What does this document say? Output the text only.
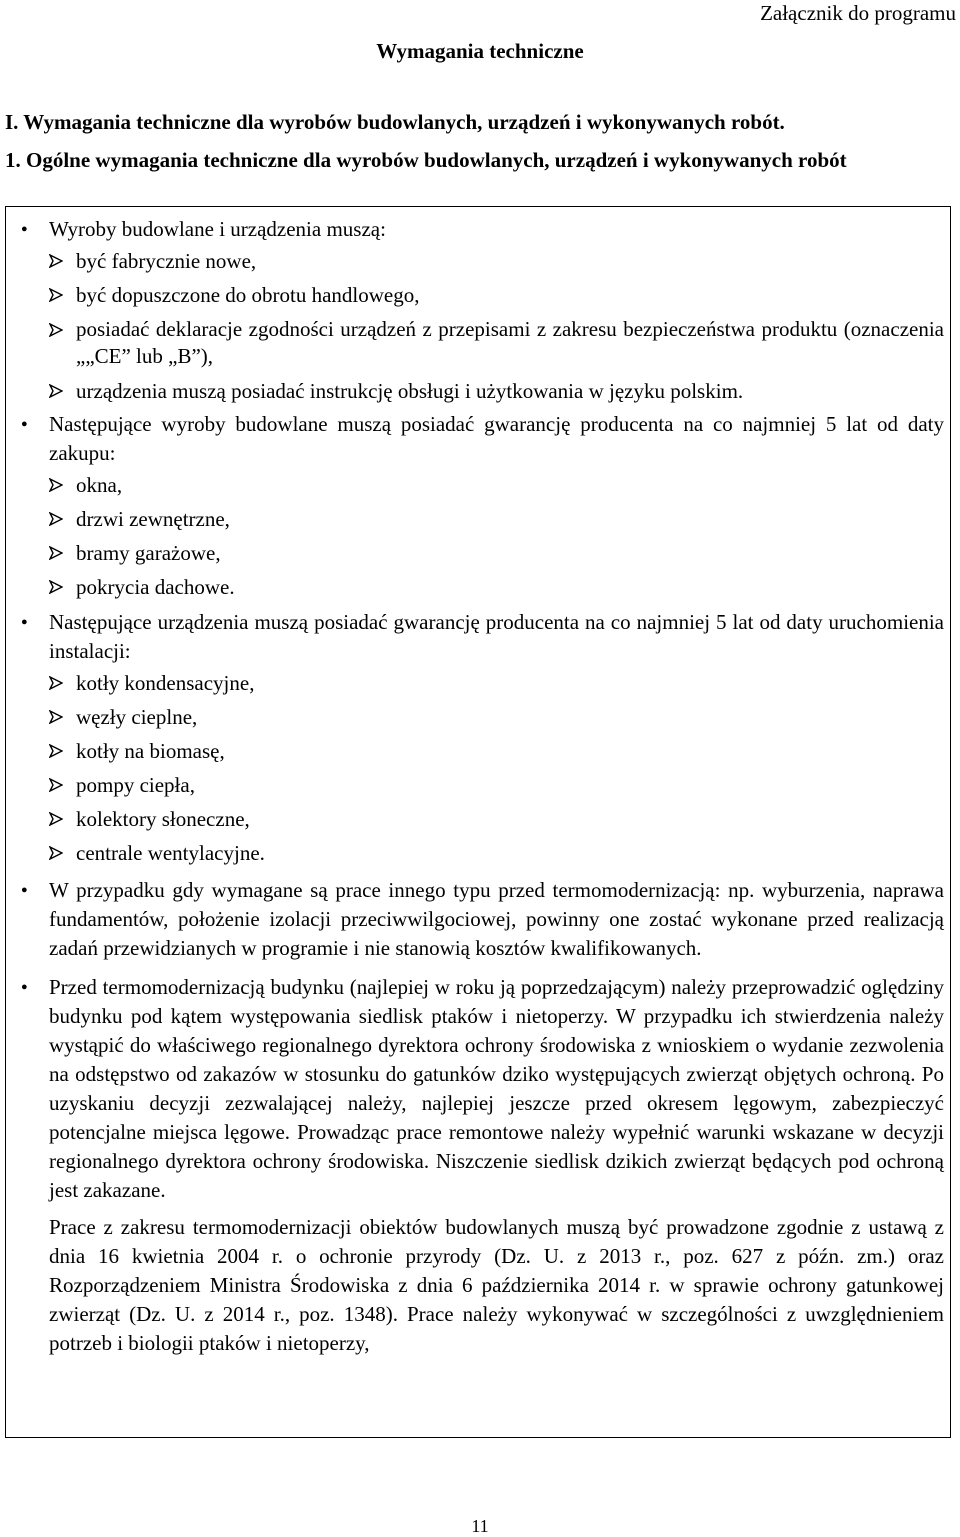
Załącznik do programu
Wymagania techniczne
I. Wymagania techniczne dla wyrobów budowlanych, urządzeń i wykonywanych robót.
1. Ogólne wymagania techniczne dla wyrobów budowlanych, urządzeń i wykonywanych robót
● Wyroby budowlane i urządzenia muszą:
być fabrycznie nowe,
być dopuszczone do obrotu handlowego,
posiadać deklaracje zgodności urządzeń z przepisami z zakresu bezpieczeństwa produktu (oznaczenia „„CE” lub „B”),
urządzenia muszą posiadać instrukcję obsługi i użytkowania w języku polskim.
● Następujące wyroby budowlane muszą posiadać gwarancję producenta na co najmniej 5 lat od daty zakupu:
okna,
drzwi zewnętrzne,
bramy garażowe,
pokrycia dachowe.
● Następujące urządzenia muszą posiadać gwarancję producenta na co najmniej 5 lat od daty uruchomienia instalacji:
kotły kondensacyjne,
węzły cieplne,
kotły na biomasę,
pompy ciepła,
kolektory słoneczne,
centrale wentylacyjne.
● W przypadku gdy wymagane są prace innego typu przed termomodernizacją: np. wyburzenia, naprawa fundamentów, położenie izolacji przeciwwilgociowej, powinny one zostać wykonane przed realizacją zadań przewidzianych w programie i nie stanowią kosztów kwalifikowanych.
● Przed termomodernizacją budynku (najlepiej w roku ją poprzedzającym) należy przeprowadzić oględziny budynku pod kątem występowania siedlisk ptaków i nietoperzy. W przypadku ich stwierdzenia należy wystąpić do właściwego regionalnego dyrektora ochrony środowiska z wnioskiem o wydanie zezwolenia na odstępstwo od zakazów w stosunku do gatunków dziko występujących zwierząt objętych ochroną. Po uzyskaniu decyzji zezwalającej należy, najlepiej jeszcze przed okresem lęgowym, zabezpieczyć potencjalne miejsca lęgowe. Prowadząc prace remontowe należy wypełnić warunki wskazane w decyzji regionalnego dyrektora ochrony środowiska. Niszczenie siedlisk dzikich zwierząt będących pod ochroną jest zakazane.
Prace z zakresu termomodernizacji obiektów budowlanych muszą być prowadzone zgodnie z ustawą z dnia 16 kwietnia 2004 r. o ochronie przyrody (Dz. U. z 2013 r., poz. 627 z późn. zm.) oraz Rozporządzeniem Ministra Środowiska z dnia 6 października 2014 r. w sprawie ochrony gatunkowej zwierząt (Dz. U. z 2014 r., poz. 1348). Prace należy wykonywać w szczególności z uwzględnieniem potrzeb i biologii ptaków i nietoperzy,
11
